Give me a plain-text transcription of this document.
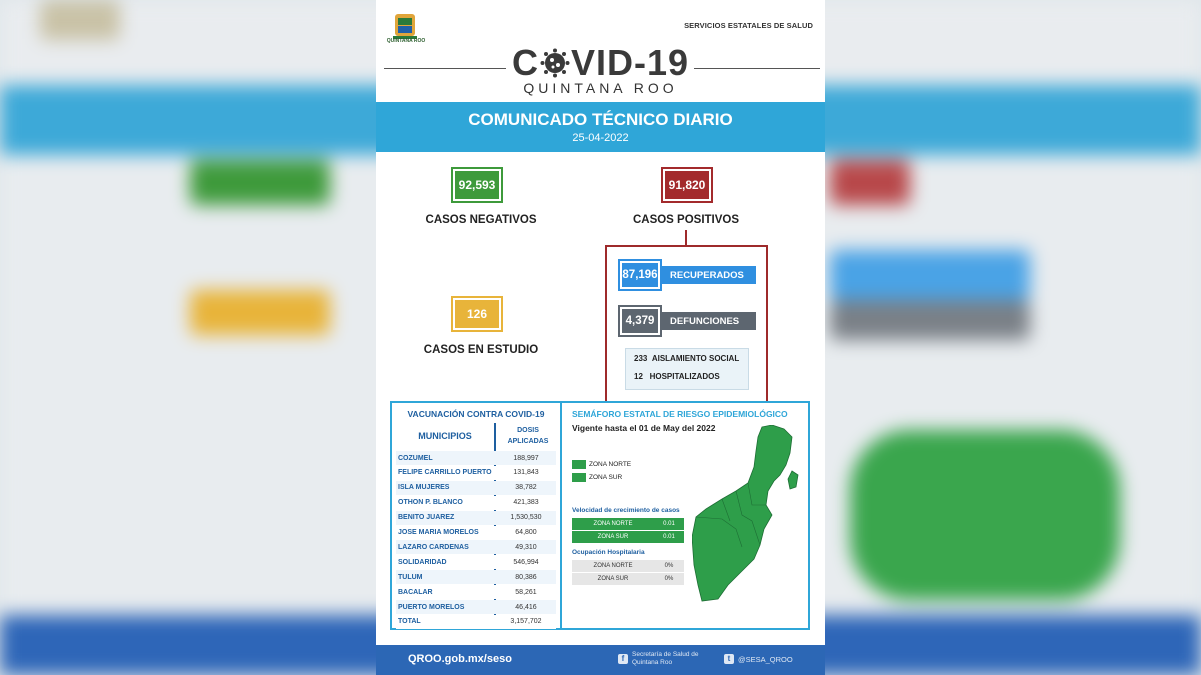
QUINTANA ROO
SERVICIOS ESTATALES DE SALUD
C VID-19
QUINTANA ROO
COMUNICADO TÉCNICO DIARIO
25-04-2022
92,593
CASOS NEGATIVOS
91,820
CASOS POSITIVOS
126
CASOS EN ESTUDIO
87,196	RECUPERADOS
4,379	DEFUNCIONES
233
AISLAMIENTO SOCIAL
12
HOSPITALIZADOS
VACUNACIÓN CONTRA COVID-19
MUNICIPIOS
DOSIS APLICADAS
COZUMEL	188,997
FELIPE CARRILLO PUERTO	131,843
ISLA MUJERES	38,782
OTHON P. BLANCO	421,383
BENITO JUAREZ	1,530,530
JOSE MARIA MORELOS	64,800
LAZARO CARDENAS	49,310
SOLIDARIDAD	546,994
TULUM	80,386
BACALAR	58,261
PUERTO MORELOS	46,416
TOTAL	3,157,702
SEMÁFORO ESTATAL DE RIESGO EPIDEMIOLÓGICO
Vigente hasta el 01 de May del 2022
ZONA NORTE
ZONA SUR
Velocidad de crecimiento de casos
ZONA NORTE	0.01
ZONA SUR	0.01
Ocupación Hospitalaria
ZONA NORTE	0%
ZONA SUR	0%
QROO.gob.mx/seso	f	Secretaría de Salud de
Quintana Roo	t	@SESA_QROO
